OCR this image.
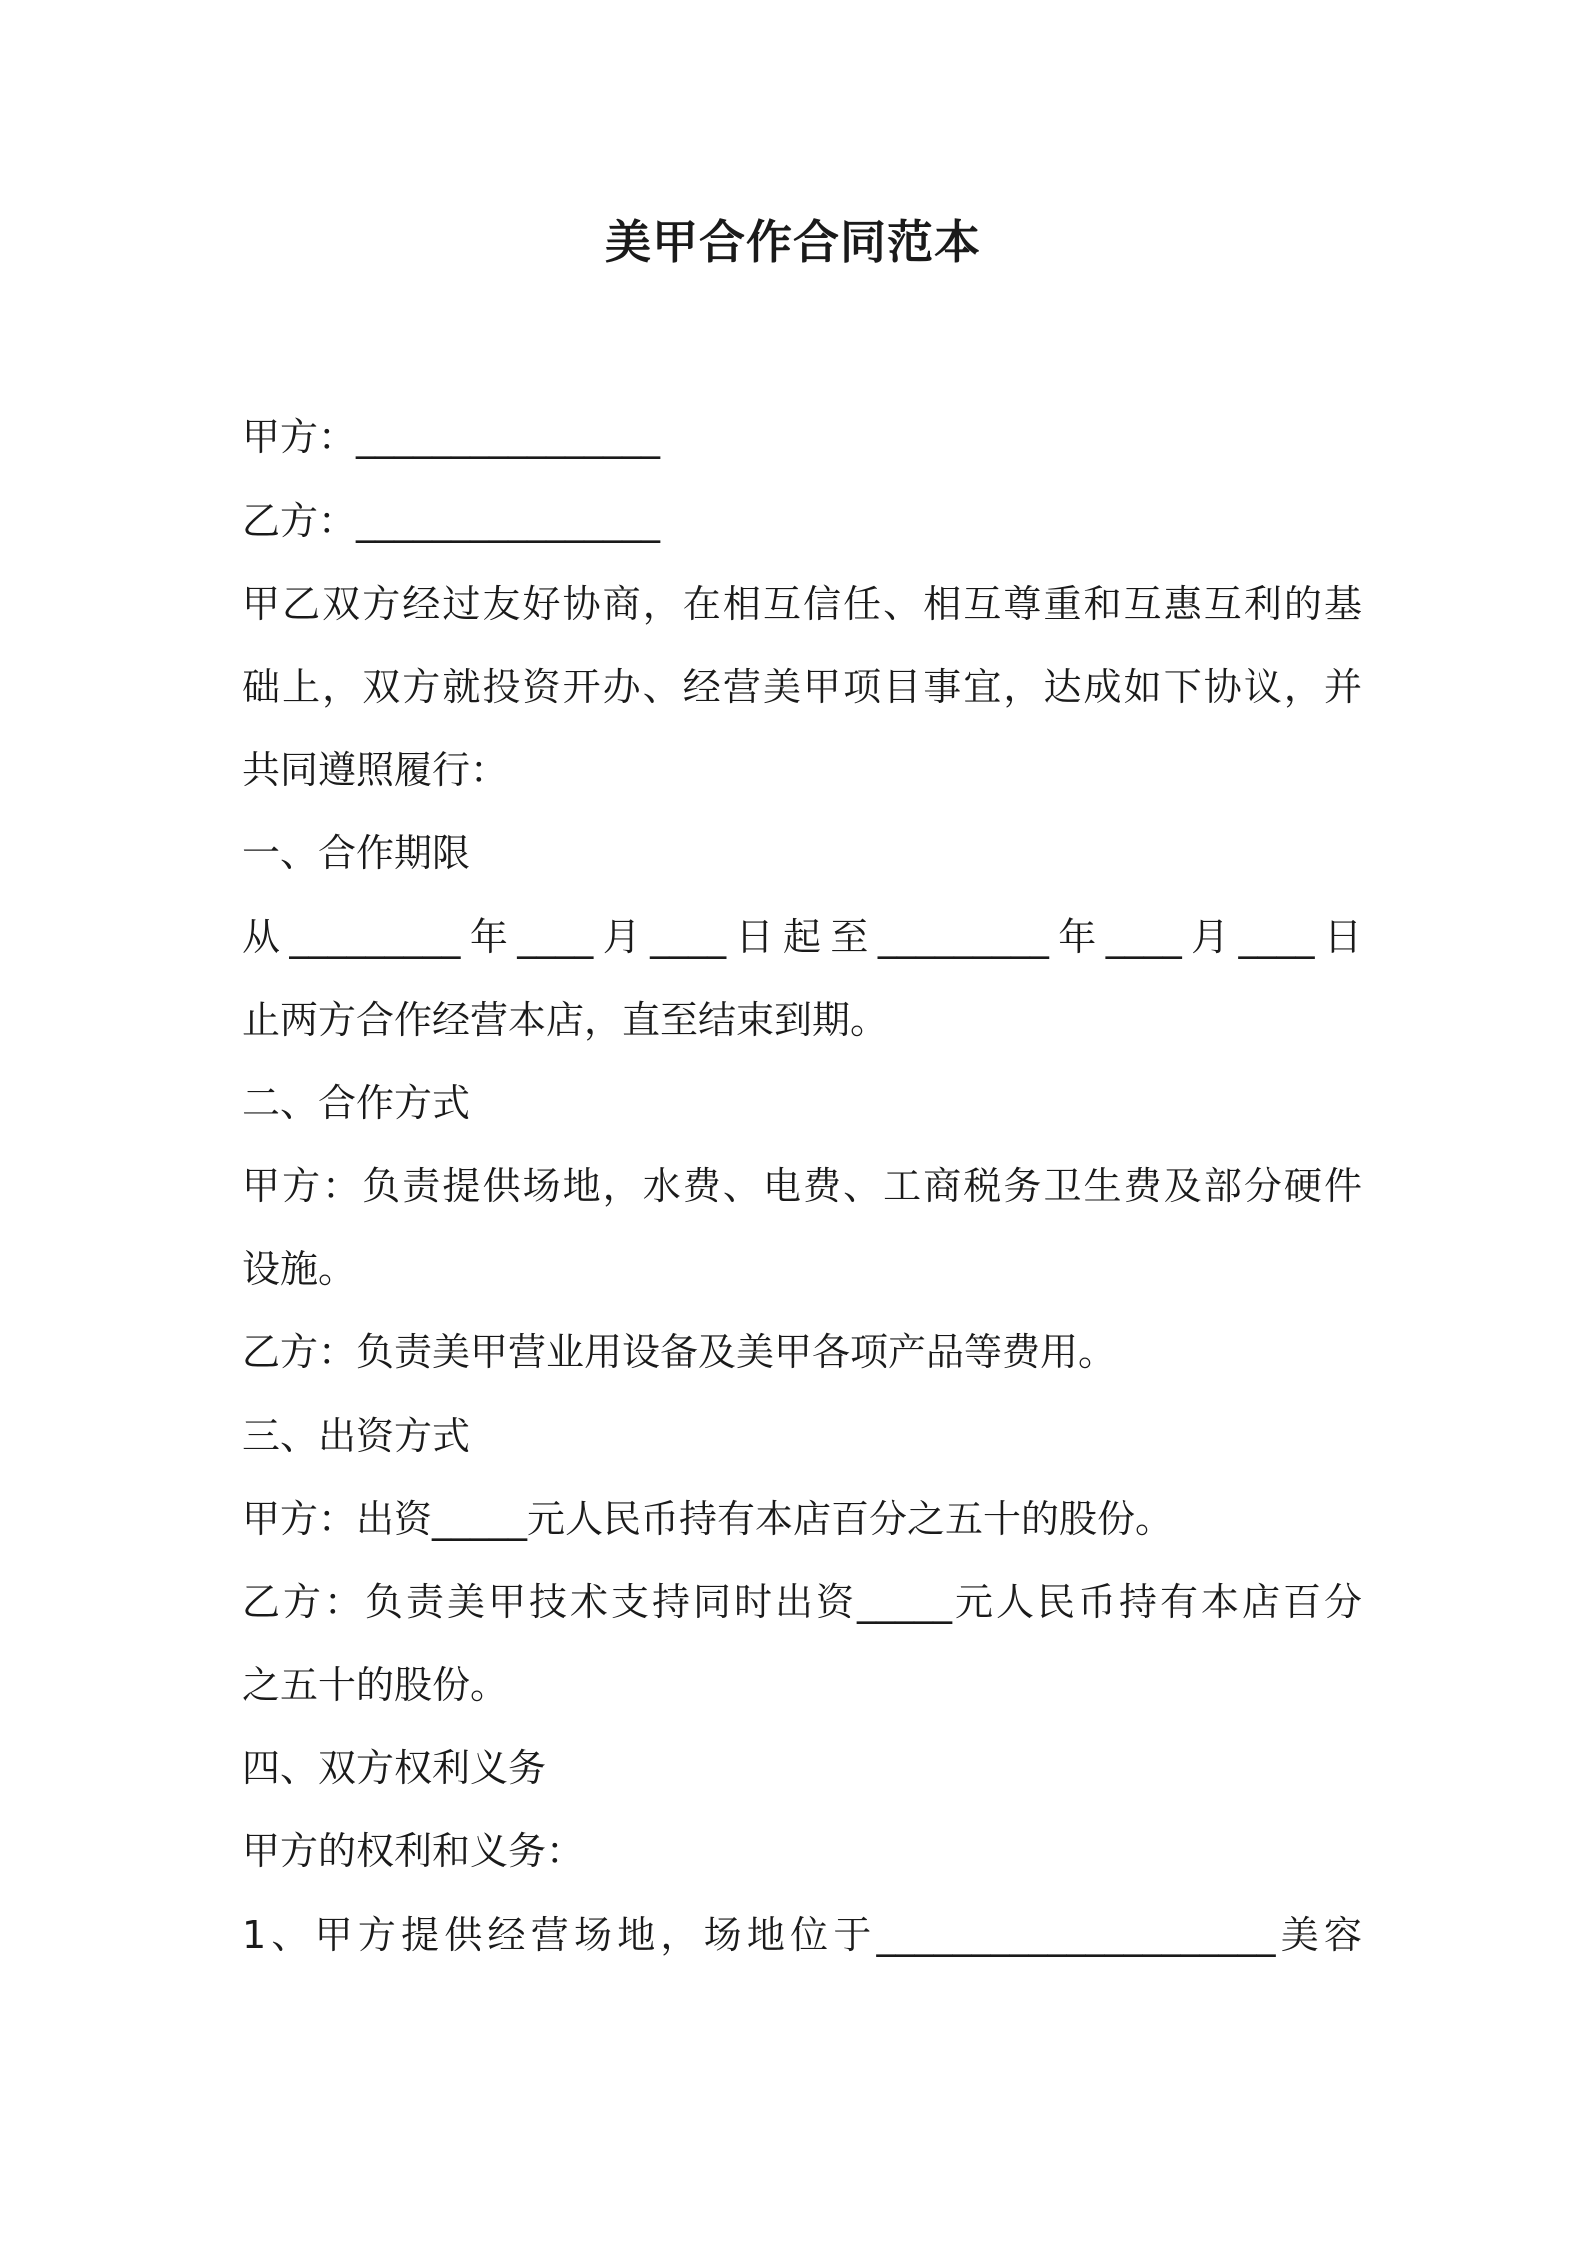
美甲合作合同范本
甲方：________________
乙方：________________
甲乙双方经过友好协商，在相互信任、相互尊重和互惠互利的基
础上，双方就投资开办、经营美甲项目事宜，达成如下协议，并
共同遵照履行：
一、合作期限
从_________年____月____日起至_________年____月____日
止两方合作经营本店，直至结束到期。
二、合作方式
甲方：负责提供场地，水费、电费、工商税务卫生费及部分硬件
设施。
乙方：负责美甲营业用设备及美甲各项产品等费用。
三、出资方式
甲方：出资_____元人民币持有本店百分之五十的股份。
乙方：负责美甲技术支持同时出资_____元人民币持有本店百分
之五十的股份。
四、双方权利义务
甲方的权利和义务：
1、甲方提供经营场地，场地位于_____________________美容
